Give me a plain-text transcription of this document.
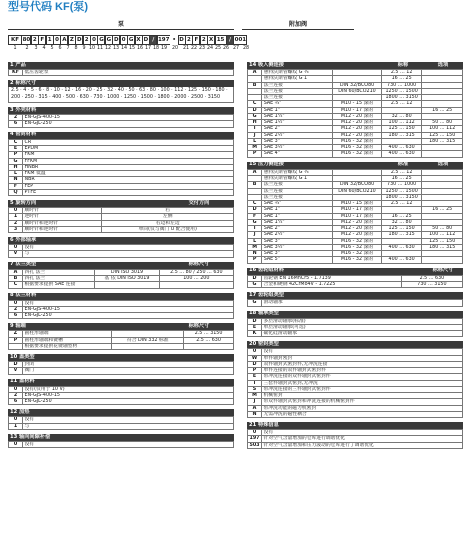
型号代码 KF(泵)
泵	附加阀
KF 80 2 F 1 0 A Z D 2 0 G G D 0 G X D / 197 • D 2 F 2 X 15 / 001
1	2	3	4	5	6	7	8	9 10 11 12 13 14 15 16 17 18 19	20	21 22 23 24 25 26 27 28
1 产品
KF	低压齿轮泵
2 标称尺寸
2.5 · 4 · 5 · 6 · 8 · 10 · 12 · 16 · 20 · 25 · 32 · 40 · 50 · 63 · 80 · 100 · 112 · 125 · 150 · 180 · 200 · 250 · 315 · 400 · 500 · 630 · 730 · 1000 · 1250 · 1500 · 1800 · 2000 · 2500 · 3150
3 外壳材料
2	EN-GJS-400-15
6	EN-GJL-250
4 密封材料
C	CR
E	EPDM
P	FKM
G	FFKM
H	HNBR
L	FKM 低温
N	NBR
F	FEP
Q	PTFE
5 旋转方向	交付方向
0	顺时针	右
1	逆时针	左侧
2	顺时针和逆时针	右边和左边
3	顺时针和逆时针	单向(仅与阀门 U 配合使用)
6 外部轴承
0	没有
V	与
7 法兰类型	标称尺寸
A	四孔 法兰	DIN ISO 3019	2.5 … 80 / 250 … 630
B	四孔 法兰	基 依 DIN ISO 3019	100 … 200
C	根据要求提供 SAE 连接		
8 法兰材料
0	没有
2	EN-GJS-400-15
6	EN-GJL-250
9 轴端	标称尺寸
Z	圆柱形轴端		2.5 … 3150
P	圆柱形轴端和键槽	符合 DIN 332 标准	2.5 … 630
	根据要求提供花键轴型材		
10 盖类型
D	封闭
V	阀门
11 盖材料
0	没有(仅用于 10 V)
2	EN-GJS-400-15
6	EN-GJL-250
12 加热
0	没有
1	与
13 轴向间隙补偿
0	没有
14 吸入侧连接	标称	选项
A	惠特沃斯管螺纹 G ¾		2.5 … 12	
	惠特沃斯管螺纹 G 1		16 … 25	
B	法兰连接	DIN 32/BCO80	730 … 1000	
	法兰连接	DIN 60/BCO210	1250 … 1500	
	法兰连接		1800 … 3150	
C	SAE ¾"	M10 - 15 深的	2.5 … 12	
D	SAE 1"	M10 - 17 深的		16 … 25
G	SAE 1¼"	M12 - 20 深的	32 … 80	
H	SAE 1½"	M12 - 20 深的	100 … 112	50 … 80
I	SAE 2"	M12 - 20 深的	125 … 150	100 … 112
J	SAE 2½"	M12 - 20 深的	180 … 315	125 … 150
L	SAE 3"	M16 - 32 深的		180 … 315
M	SAE 3½"	M16 - 32 深的	400 … 630	
P	SAE 4"	M16 - 32 深的	400 … 630	
15 压力侧连接	标准	选项
A	惠特沃斯管螺纹 G ¾		2.5 … 12	
	惠特沃斯管螺纹 G 1		16 … 25	
B	法兰连接	DIN 32/BCO80	730 … 1000	
	法兰连接	DIN 60/BCO210	1250 … 1500	
	法兰连接		1800 … 3150	
C	SAE ¾"	M10 - 15 深的	2.5 … 12	
D	SAE 1"	M10 - 17 深的		16 … 25
F	SAE 1"	M10 - 17 深的	16 … 25	
G	SAE 1¼"	M12 - 20 深的	32 … 80	
I	SAE 2"	M12 - 20 深的	125 … 150	50 … 80
J	SAE 2½"	M12 - 20 深的	180 … 315	100 … 112
L	SAE 3"	M16 - 32 深的		125 … 150
M	SAE 3½"	M16 - 32 深的	400 … 630	180 … 315
N	SAE 3"	M16 - 32 深的		
P	SAE 5"	M16 - 32 深的	400 … 630	
16 齿轮组材料	标称尺寸
D	齿轮钢 EN 16MnCr5 - 1.7139	2.5 … 630
G	合金和硬钢 42CrMo4V - 1.7225	730 … 3150
17 齿轮组类型
G	滑动轴承
18 轴承类型
D	多层滑动轴承(标准)
E	单层滑动轴承(可选)
K	碳化硅滑动轴承
20 密封类型
0	没有
W	单件轴封密封
D	双件轴封式密封件,无冲洗连接
P	单件连接的双件轴封式密封件
E	带冲洗连接的双件轴封式密封件
T	三套件轴封式密封,无冲洗
S	带冲洗连接的三件轴封式密封件
M	机械密封
J	带双件轴封式密封和冲洗连接的机械密封件
A	带冲洗功能的磁力机密封
N	无需冲洗的磁性耦合
21 特殊信息
0	没有
197	针对空气含量增加的仓库进行调谐优化
503	针对空气含量增加和压力波动的仓库进行了调谐优化
